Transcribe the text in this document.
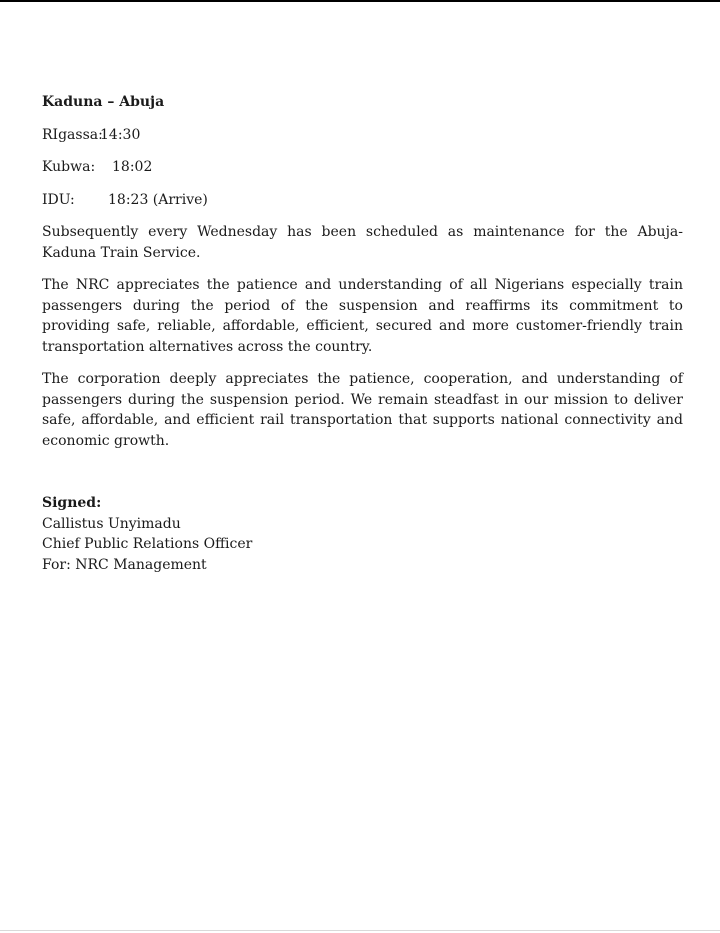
Kaduna – Abuja
RIgassa:
14:30
Kubwa:	18:02
IDU:	18:23 (Arrive)

Subsequently every Wednesday has been scheduled as maintenance for the Abuja-Kaduna Train Service.

The NRC appreciates the patience and understanding of all Nigerians especially train passengers during the period of the suspension and reaffirms its commitment to providing safe, reliable, affordable, efficient, secured and more customer-friendly train transportation alternatives across the country.

The corporation deeply appreciates the patience, cooperation, and understanding of passengers during the suspension period. We remain steadfast in our mission to deliver safe, affordable, and efficient rail transportation that supports national connectivity and economic growth.

Signed:
Callistus Unyimadu
Chief Public Relations Officer
For: NRC Management
